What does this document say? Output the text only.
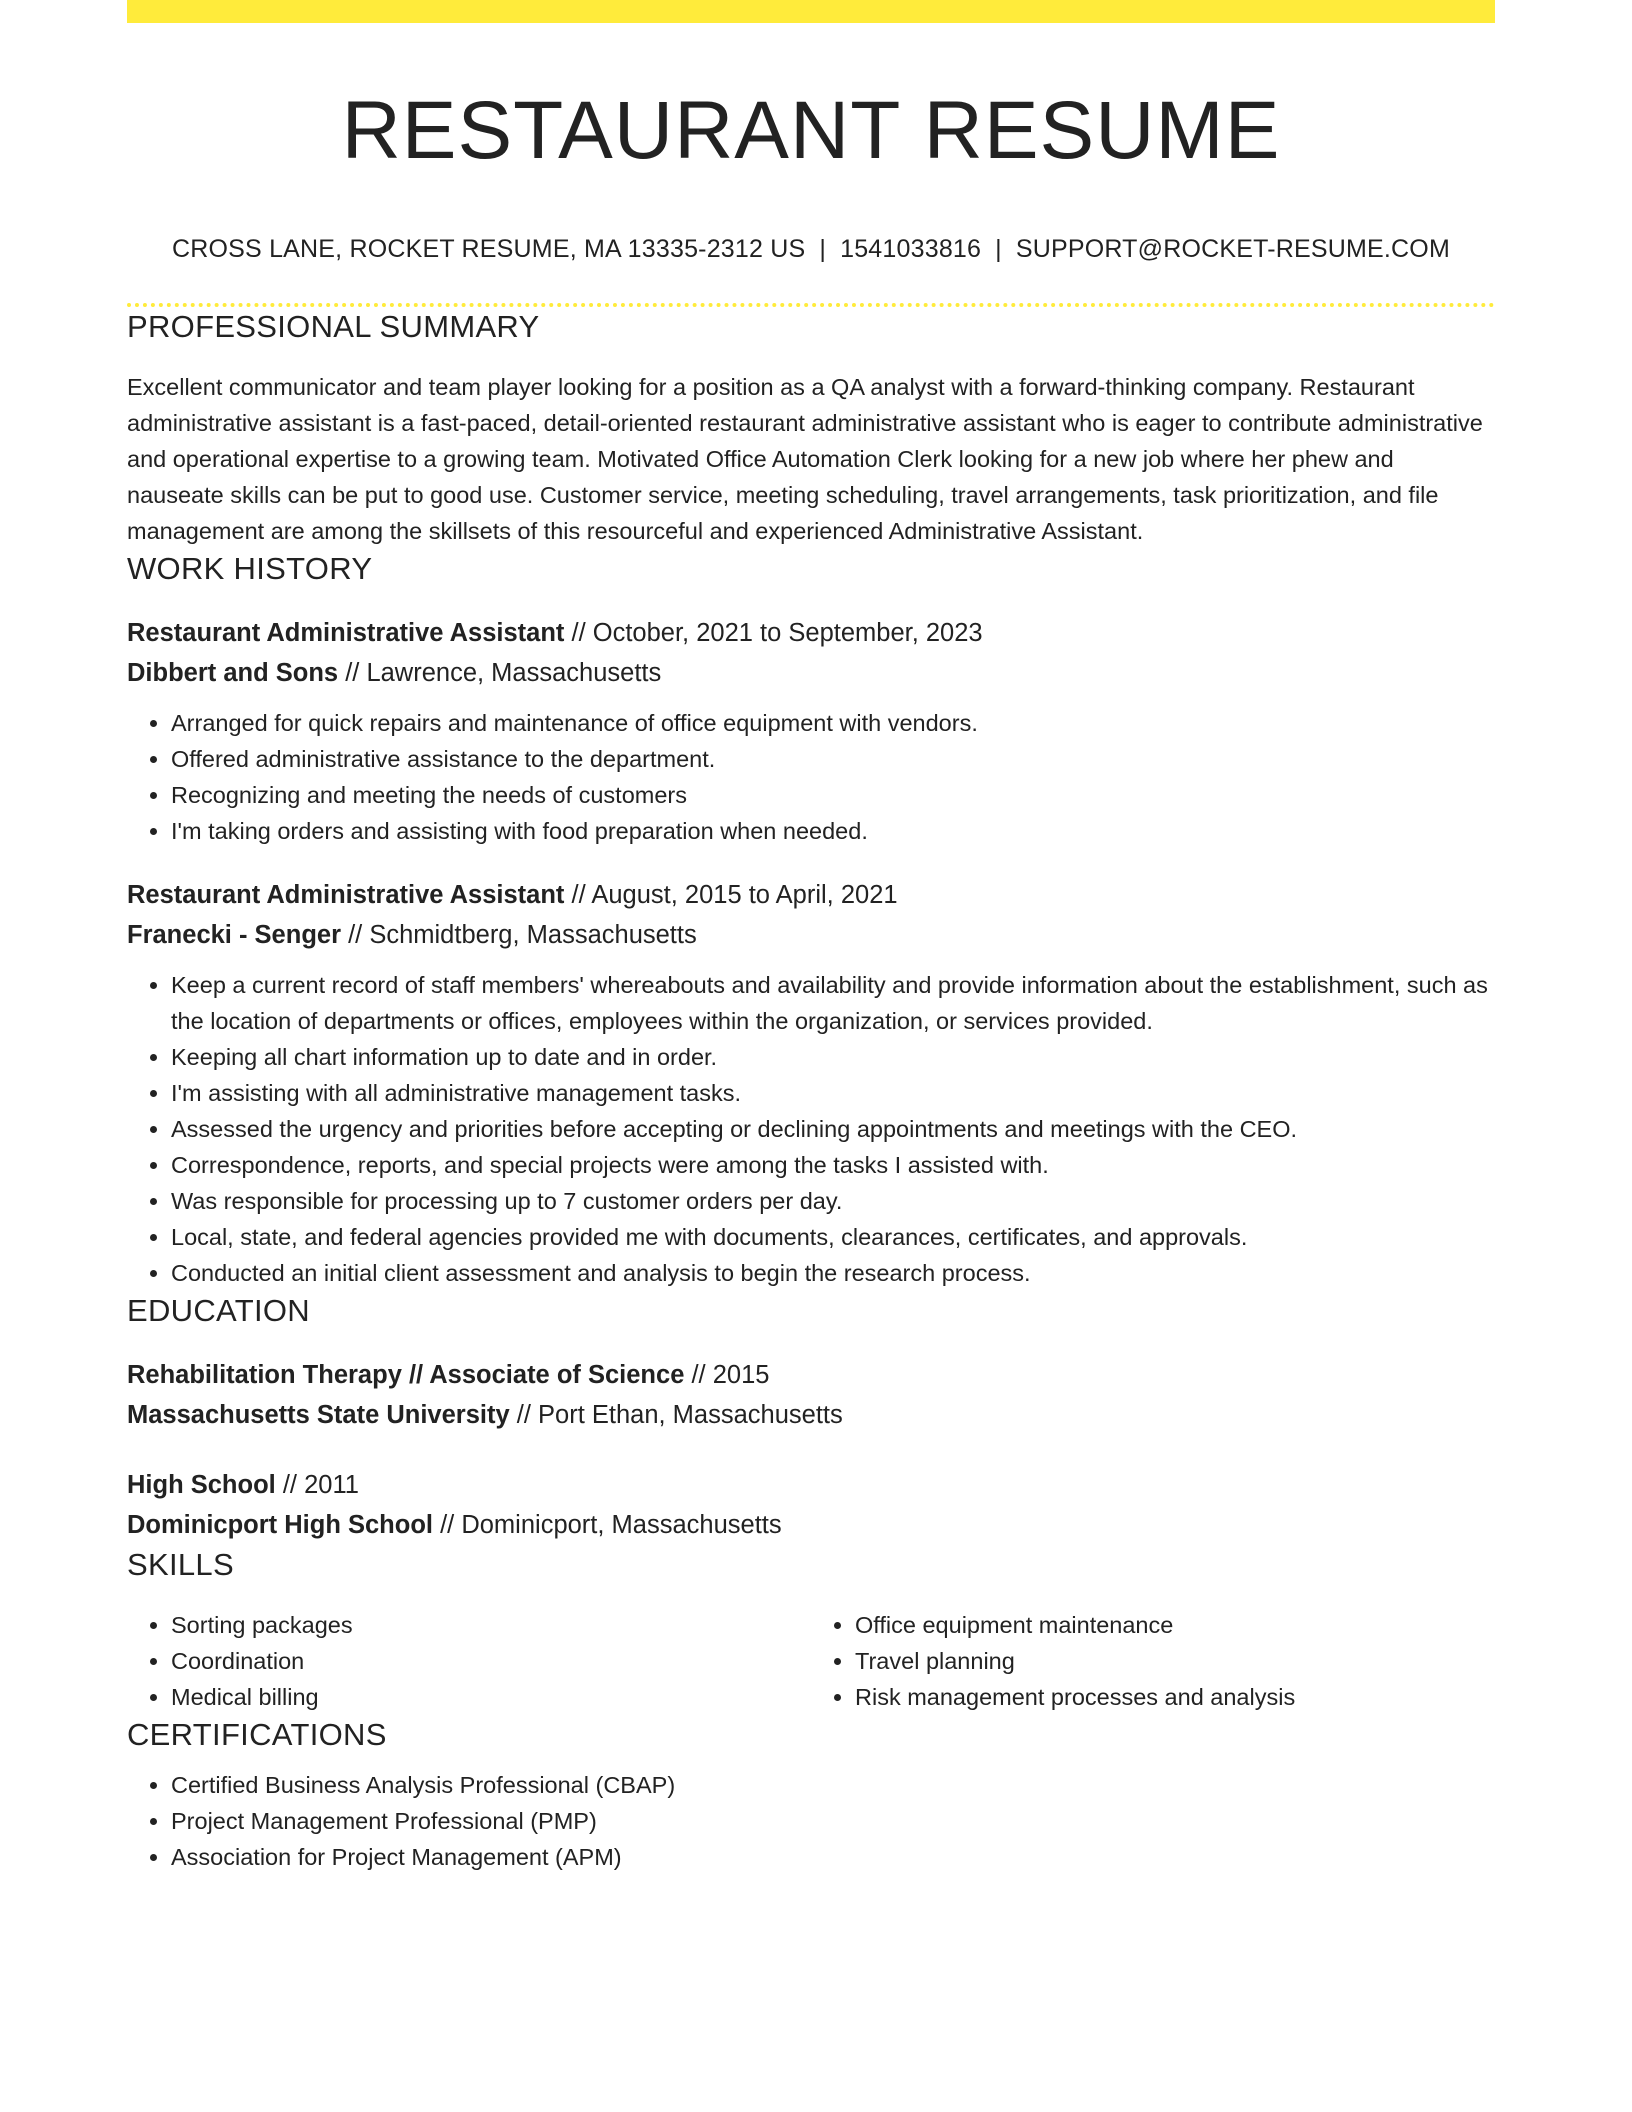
RESTAURANT RESUME
CROSS LANE, ROCKET RESUME, MA 13335-2312 US | 1541033816 | SUPPORT@ROCKET-RESUME.COM
PROFESSIONAL SUMMARY
Excellent communicator and team player looking for a position as a QA analyst with a forward-thinking company. Restaurant administrative assistant is a fast-paced, detail-oriented restaurant administrative assistant who is eager to contribute administrative and operational expertise to a growing team. Motivated Office Automation Clerk looking for a new job where her phew and nauseate skills can be put to good use. Customer service, meeting scheduling, travel arrangements, task prioritization, and file management are among the skillsets of this resourceful and experienced Administrative Assistant.
WORK HISTORY
Restaurant Administrative Assistant // October, 2021 to September, 2023
Dibbert and Sons // Lawrence, Massachusetts
• Arranged for quick repairs and maintenance of office equipment with vendors.
• Offered administrative assistance to the department.
• Recognizing and meeting the needs of customers
• I'm taking orders and assisting with food preparation when needed.
Restaurant Administrative Assistant // August, 2015 to April, 2021
Franecki - Senger // Schmidtberg, Massachusetts
• Keep a current record of staff members' whereabouts and availability and provide information about the establishment, such as the location of departments or offices, employees within the organization, or services provided.
• Keeping all chart information up to date and in order.
• I'm assisting with all administrative management tasks.
• Assessed the urgency and priorities before accepting or declining appointments and meetings with the CEO.
• Correspondence, reports, and special projects were among the tasks I assisted with.
• Was responsible for processing up to 7 customer orders per day.
• Local, state, and federal agencies provided me with documents, clearances, certificates, and approvals.
• Conducted an initial client assessment and analysis to begin the research process.
EDUCATION
Rehabilitation Therapy // Associate of Science // 2015
Massachusetts State University // Port Ethan, Massachusetts
High School // 2011
Dominicport High School // Dominicport, Massachusetts
SKILLS
• Sorting packages
• Coordination
• Medical billing
• Office equipment maintenance
• Travel planning
• Risk management processes and analysis
CERTIFICATIONS
• Certified Business Analysis Professional (CBAP)
• Project Management Professional (PMP)
• Association for Project Management (APM)
